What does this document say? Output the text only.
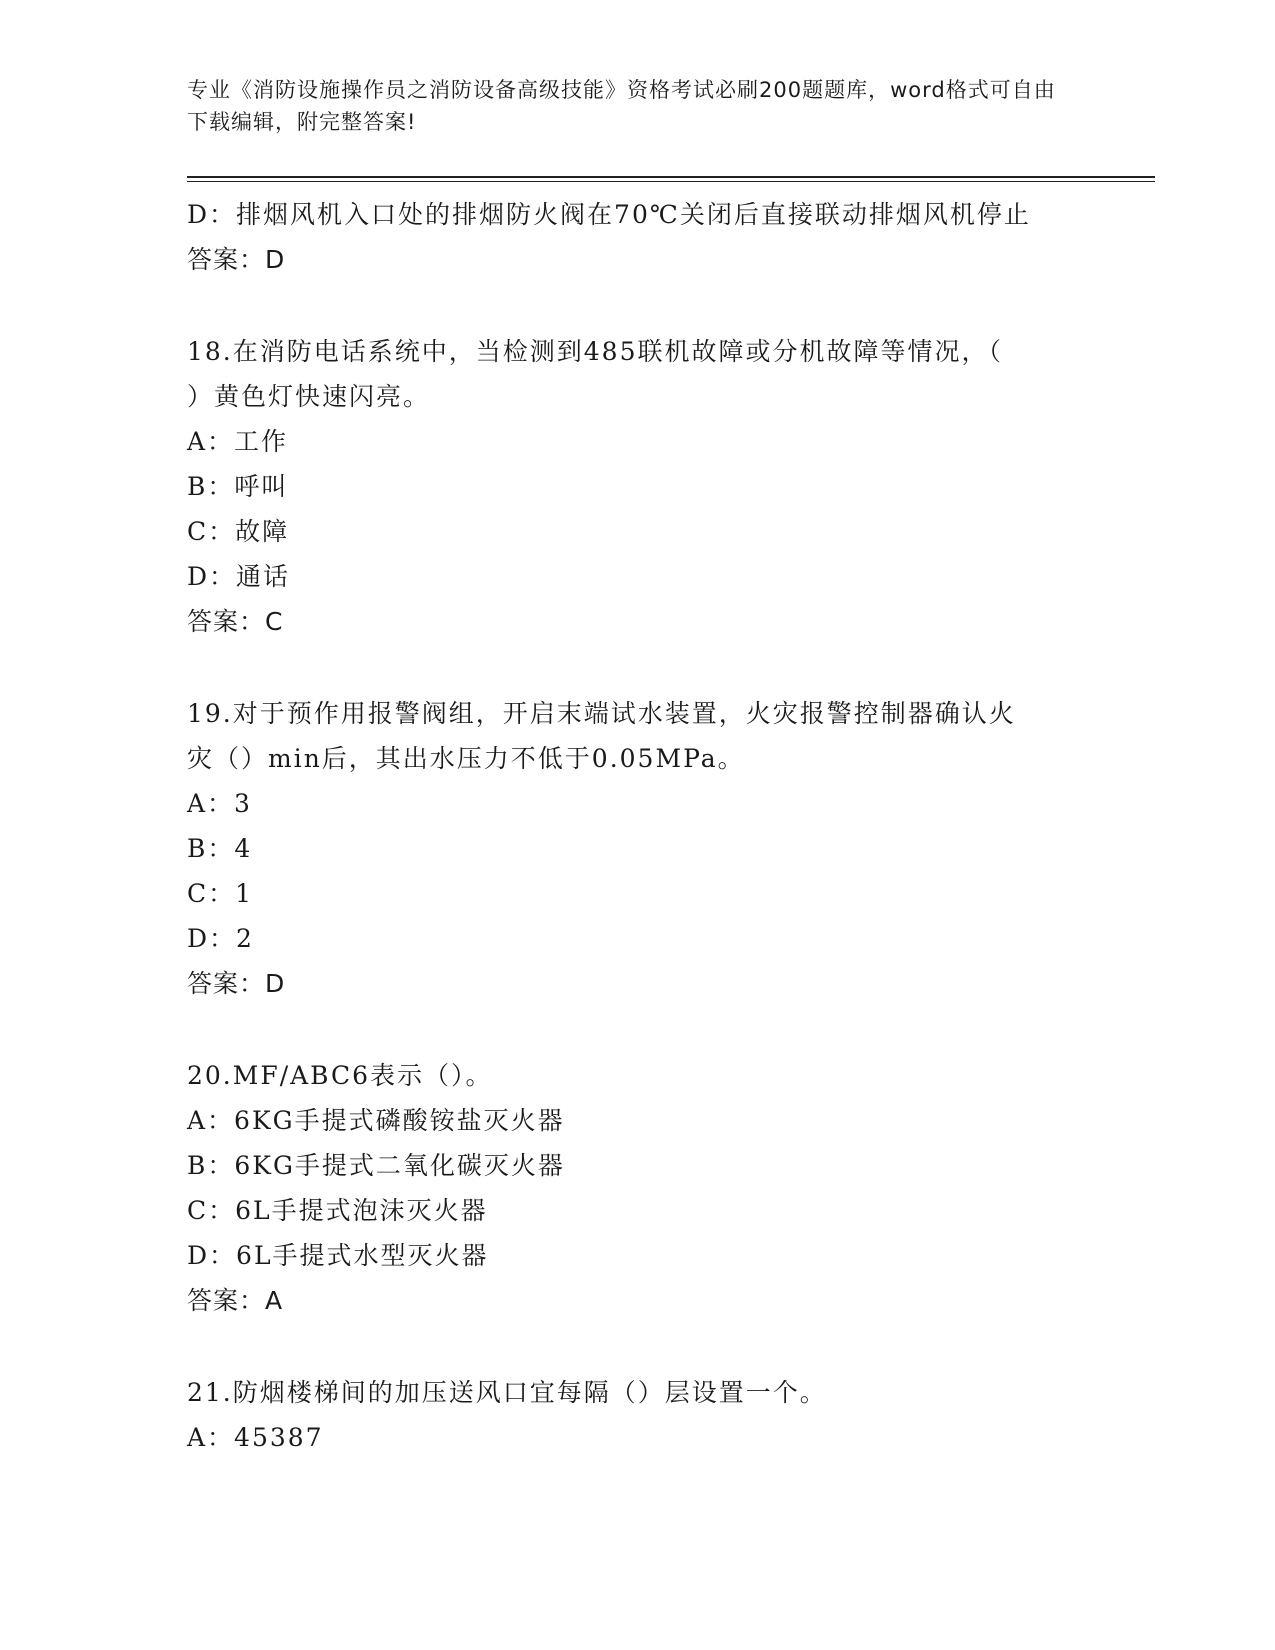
专业《消防设施操作员之消防设备高级技能》资格考试必刷200题题库，word格式可自由下载编辑，附完整答案!
D：排烟风机入口处的排烟防火阀在70℃关闭后直接联动排烟风机停止
答案：D
18.在消防电话系统中，当检测到485联机故障或分机故障等情况，（
）黄色灯快速闪亮。
A：工作
B：呼叫
C：故障
D：通话
答案：C
19.对于预作用报警阀组，开启末端试水装置，火灾报警控制器确认火
灾（）min后，其出水压力不低于0.05MPa。
A：3
B：4
C：1
D：2
答案：D
20.MF/ABC6表示（）。
A：6KG手提式磷酸铵盐灭火器
B：6KG手提式二氧化碳灭火器
C：6L手提式泡沫灭火器
D：6L手提式水型灭火器
答案：A
21.防烟楼梯间的加压送风口宜每隔（）层设置一个。
A：45387
